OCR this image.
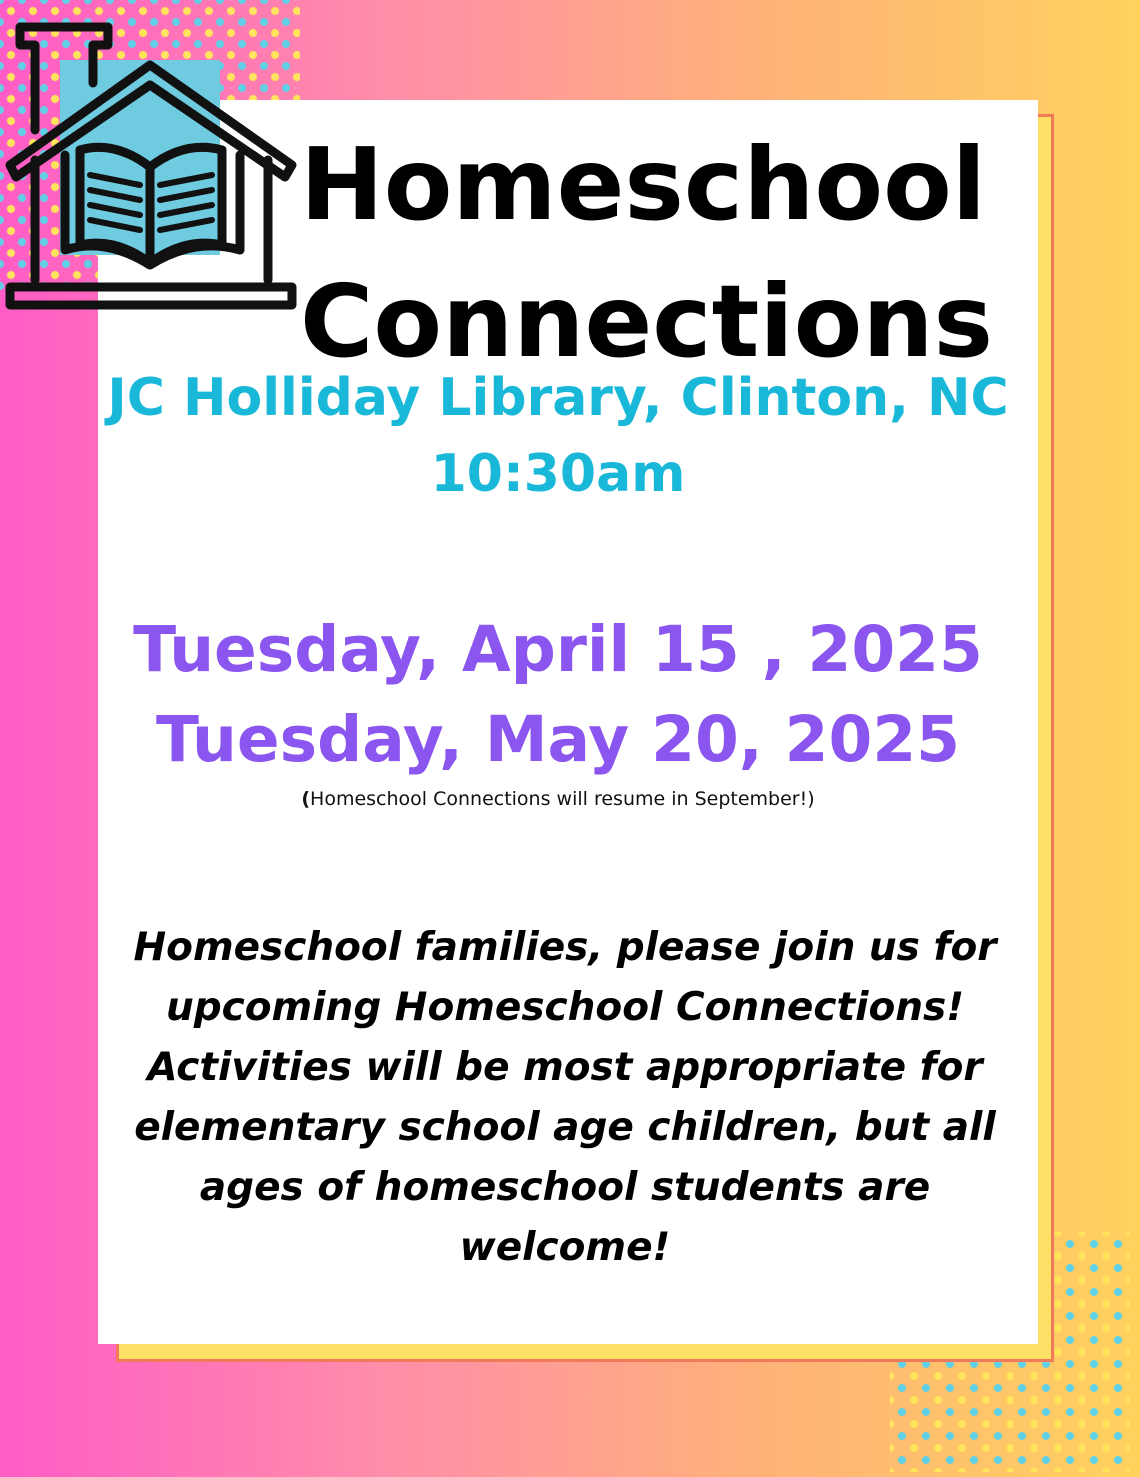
Homeschool
Connections
JC Holliday Library, Clinton, NC
10:30am
Tuesday, April 15 , 2025
Tuesday, May 20, 2025
(Homeschool Connections will resume in September!)
Homeschool families, please join us for
upcoming Homeschool Connections!
Activities will be most appropriate for
elementary school age children, but all
ages of homeschool students are
welcome!
